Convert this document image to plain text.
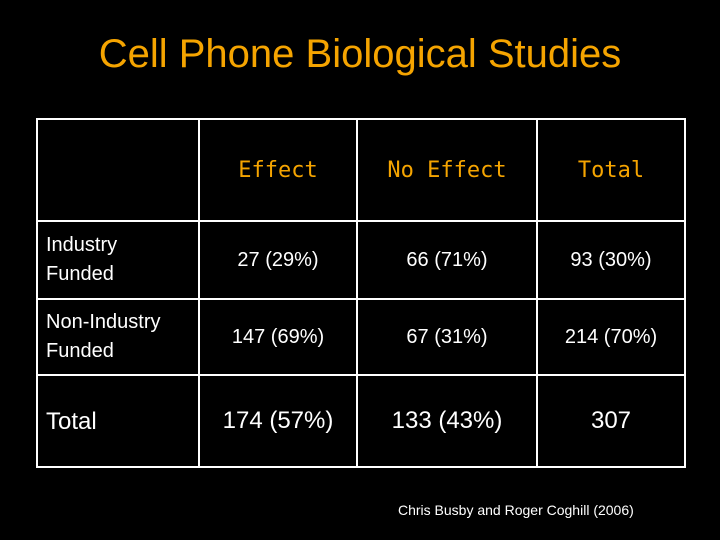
Cell Phone Biological Studies
	Effect	No Effect	Total
Industry
Funded	27 (29%)	66 (71%)	93 (30%)
Non-Industry
Funded	147 (69%)	67 (31%)	214 (70%)
Total	174 (57%)	133 (43%)	307
Chris Busby and Roger Coghill (2006)
